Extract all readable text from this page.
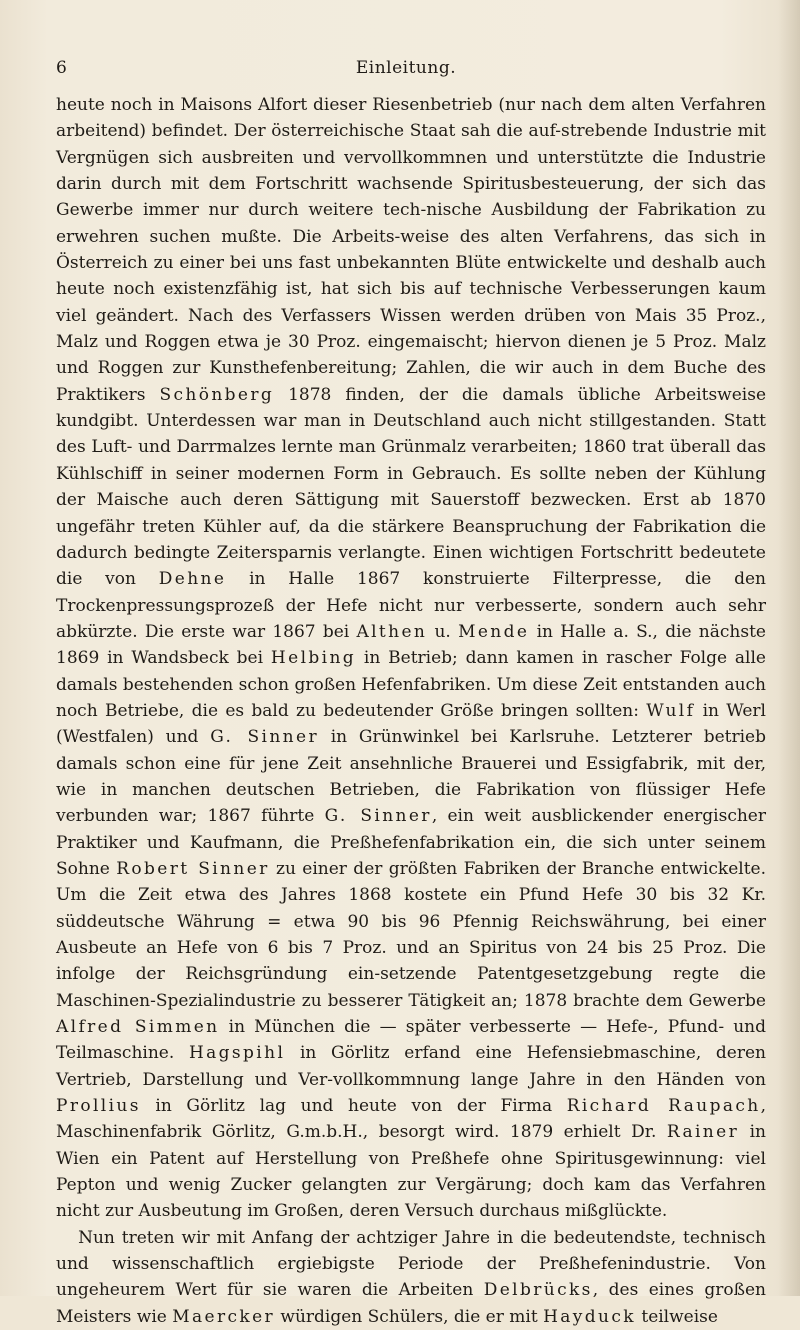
6	Einleitung.

heute noch in Maisons Alfort dieser Riesenbetrieb (nur nach dem alten Verfahren arbeitend) befindet. Der österreichische Staat sah die auf-strebende Industrie mit Vergnügen sich ausbreiten und vervollkommnen und unterstützte die Industrie darin durch mit dem Fortschritt wachsende Spiritusbesteuerung, der sich das Gewerbe immer nur durch weitere tech-nische Ausbildung der Fabrikation zu erwehren suchen mußte. Die Arbeits-weise des alten Verfahrens, das sich in Österreich zu einer bei uns fast unbekannten Blüte entwickelte und deshalb auch heute noch existenzfähig ist, hat sich bis auf technische Verbesserungen kaum viel geändert. Nach des Verfassers Wissen werden drüben von Mais 35 Proz., Malz und Roggen etwa je 30 Proz. eingemaischt; hiervon dienen je 5 Proz. Malz und Roggen zur Kunsthefenbereitung; Zahlen, die wir auch in dem Buche des Praktikers Schönberg 1878 finden, der die damals übliche Arbeitsweise kundgibt. Unterdessen war man in Deutschland auch nicht stillgestanden. Statt des Luft- und Darrmalzes lernte man Grünmalz verarbeiten; 1860 trat überall das Kühlschiff in seiner modernen Form in Gebrauch. Es sollte neben der Kühlung der Maische auch deren Sättigung mit Sauerstoff bezwecken. Erst ab 1870 ungefähr treten Kühler auf, da die stärkere Beanspruchung der Fabrikation die dadurch bedingte Zeitersparnis verlangte. Einen wichtigen Fortschritt bedeutete die von Dehne in Halle 1867 konstruierte Filterpresse, die den Trockenpressungsprozeß der Hefe nicht nur verbesserte, sondern auch sehr abkürzte. Die erste war 1867 bei Althen u. Mende in Halle a. S., die nächste 1869 in Wandsbeck bei Helbing in Betrieb; dann kamen in rascher Folge alle damals bestehenden schon großen Hefenfabriken. Um diese Zeit entstanden auch noch Betriebe, die es bald zu bedeutender Größe bringen sollten: Wulf in Werl (Westfalen) und G. Sinner in Grünwinkel bei Karlsruhe. Letzterer betrieb damals schon eine für jene Zeit ansehnliche Brauerei und Essigfabrik, mit der, wie in manchen deutschen Betrieben, die Fabrikation von flüssiger Hefe verbunden war; 1867 führte G. Sinner, ein weit ausblickender energischer Praktiker und Kaufmann, die Preßhefenfabrikation ein, die sich unter seinem Sohne Robert Sinner zu einer der größten Fabriken der Branche entwickelte. Um die Zeit etwa des Jahres 1868 kostete ein Pfund Hefe 30 bis 32 Kr. süddeutsche Währung = etwa 90 bis 96 Pfennig Reichswährung, bei einer Ausbeute an Hefe von 6 bis 7 Proz. und an Spiritus von 24 bis 25 Proz. Die infolge der Reichsgründung ein-setzende Patentgesetzgebung regte die Maschinen-Spezialindustrie zu besserer Tätigkeit an; 1878 brachte dem Gewerbe Alfred Simmen in München die — später verbesserte — Hefe-, Pfund- und Teilmaschine. Hagspihl in Görlitz erfand eine Hefensiebmaschine, deren Vertrieb, Darstellung und Ver-vollkommnung lange Jahre in den Händen von Prollius in Görlitz lag und heute von der Firma Richard Raupach, Maschinenfabrik Görlitz, G.m.b.H., besorgt wird. 1879 erhielt Dr. Rainer in Wien ein Patent auf Herstellung von Preßhefe ohne Spiritusgewinnung: viel Pepton und wenig Zucker gelangten zur Vergärung; doch kam das Verfahren nicht zur Ausbeutung im Großen, deren Versuch durchaus mißglückte.

Nun treten wir mit Anfang der achtziger Jahre in die bedeutendste, technisch und wissenschaftlich ergiebigste Periode der Preßhefenindustrie. Von ungeheurem Wert für sie waren die Arbeiten Delbrücks, des eines großen Meisters wie Maercker würdigen Schülers, die er mit Hayduck teilweise
